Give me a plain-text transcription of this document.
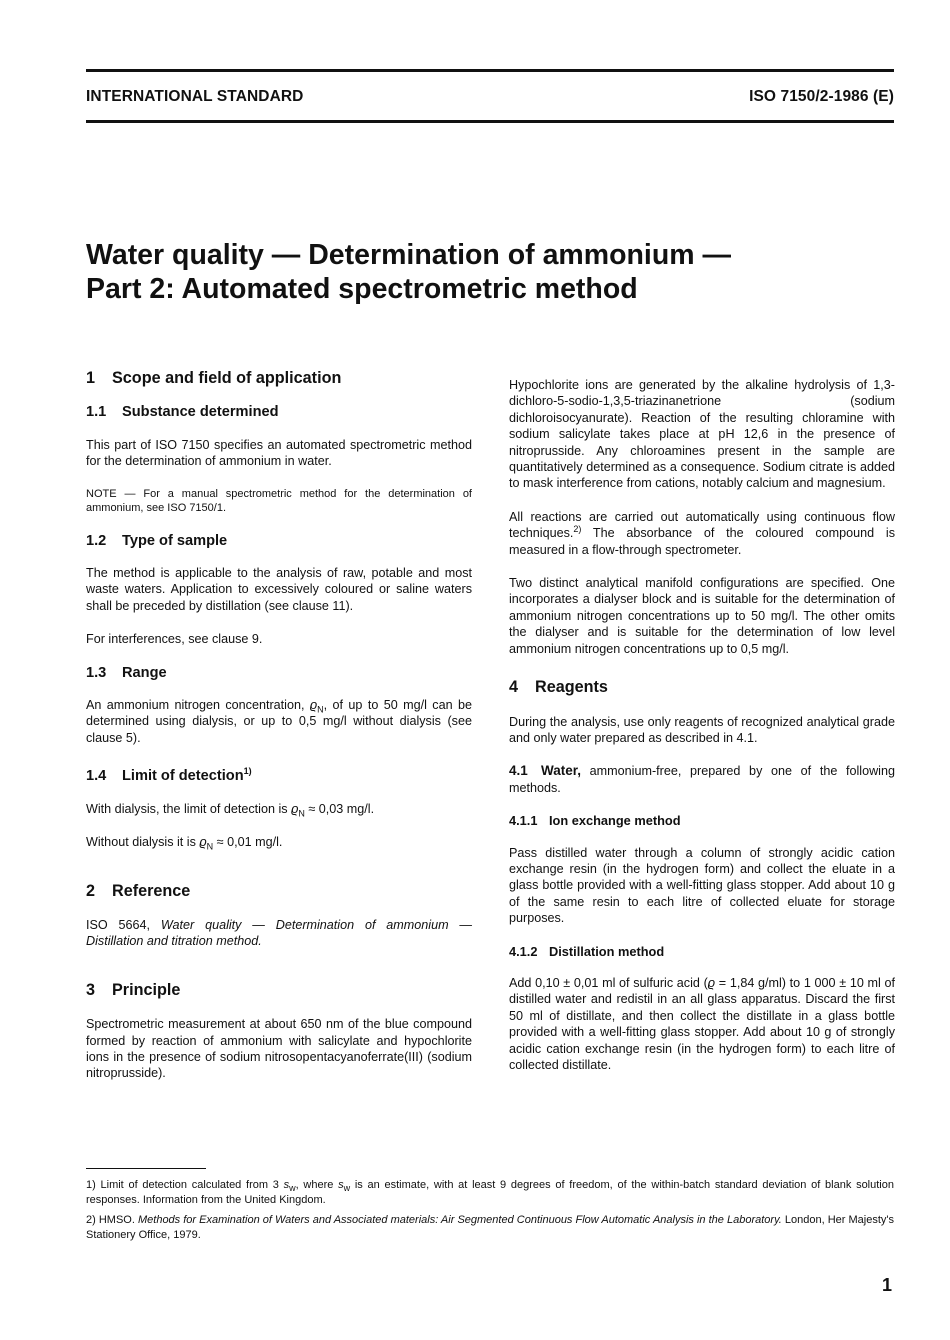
INTERNATIONAL STANDARD	ISO 7150/2-1986 (E)
Water quality — Determination of ammonium —
Part 2: Automated spectrometric method
1 Scope and field of application
1.1 Substance determined

This part of ISO 7150 specifies an automated spectrometric method for the determination of ammonium in water.

NOTE — For a manual spectrometric method for the determination of ammonium, see ISO 7150/1.

1.2 Type of sample

The method is applicable to the analysis of raw, potable and most waste waters. Application to excessively coloured or saline waters shall be preceded by distillation (see clause 11).

For interferences, see clause 9.

1.3 Range

An ammonium nitrogen concentration, $ϱ_N$, of up to 50 mg/l can be determined using dialysis, or up to 0,5 mg/l without dialysis (see clause 5).

1.4 Limit of detection$^{1)}$

With dialysis, the limit of detection is $ϱ_N \approx 0,03$ mg/l.

Without dialysis it is $ϱ_N \approx 0,01$ mg/l.

2 Reference

ISO 5664, Water quality — Determination of ammonium — Distillation and titration method.

3 Principle

Spectrometric measurement at about 650 nm of the blue compound formed by reaction of ammonium with salicylate and hypochlorite ions in the presence of sodium nitrosopentacyanoferrate(III) (sodium nitroprusside).

Hypochlorite ions are generated by the alkaline hydrolysis of 1,3-dichloro-5-sodio-1,3,5-triazinanetrione (sodium dichloroisocyanurate). Reaction of the resulting chloramine with sodium salicylate takes place at pH 12,6 in the presence of nitroprusside. Any chloroamines present in the sample are quantitatively determined as a consequence. Sodium citrate is added to mask interference from cations, notably calcium and magnesium.

All reactions are carried out automatically using continuous flow techniques.$^{2)}$ The absorbance of the coloured compound is measured in a flow-through spectrometer.

Two distinct analytical manifold configurations are specified. One incorporates a dialyser block and is suitable for the determination of ammonium nitrogen concentrations up to 50 mg/l. The other omits the dialyser and is suitable for the determination of low level ammonium nitrogen concentrations up to 0,5 mg/l.

4 Reagents

During the analysis, use only reagents of recognized analytical grade and only water prepared as described in 4.1.

4.1 Water, ammonium-free, prepared by one of the following methods.

4.1.1 Ion exchange method

Pass distilled water through a column of strongly acidic cation exchange resin (in the hydrogen form) and collect the eluate in a glass bottle provided with a well-fitting glass stopper. Add about 10 g of the same resin to each litre of collected eluate for storage purposes.

4.1.2 Distillation method

Add 0,10 ± 0,01 ml of sulfuric acid (ϱ = 1,84 g/ml) to 1 000 ± 10 ml of distilled water and redistil in an all glass apparatus. Discard the first 50 ml of distillate, and then collect the distillate in a glass bottle provided with a well-fitting glass stopper. Add about 10 g of strongly acidic cation exchange resin (in the hydrogen form) to each litre of collected distillate.

1) Limit of detection calculated from 3 $s_w$, where $s_w$ is an estimate, with at least 9 degrees of freedom, of the within-batch standard deviation of blank solution responses. Information from the United Kingdom.

2) HMSO. Methods for Examination of Waters and Associated materials: Air Segmented Continuous Flow Automatic Analysis in the Laboratory. London, Her Majesty's Stationery Office, 1979.

1
